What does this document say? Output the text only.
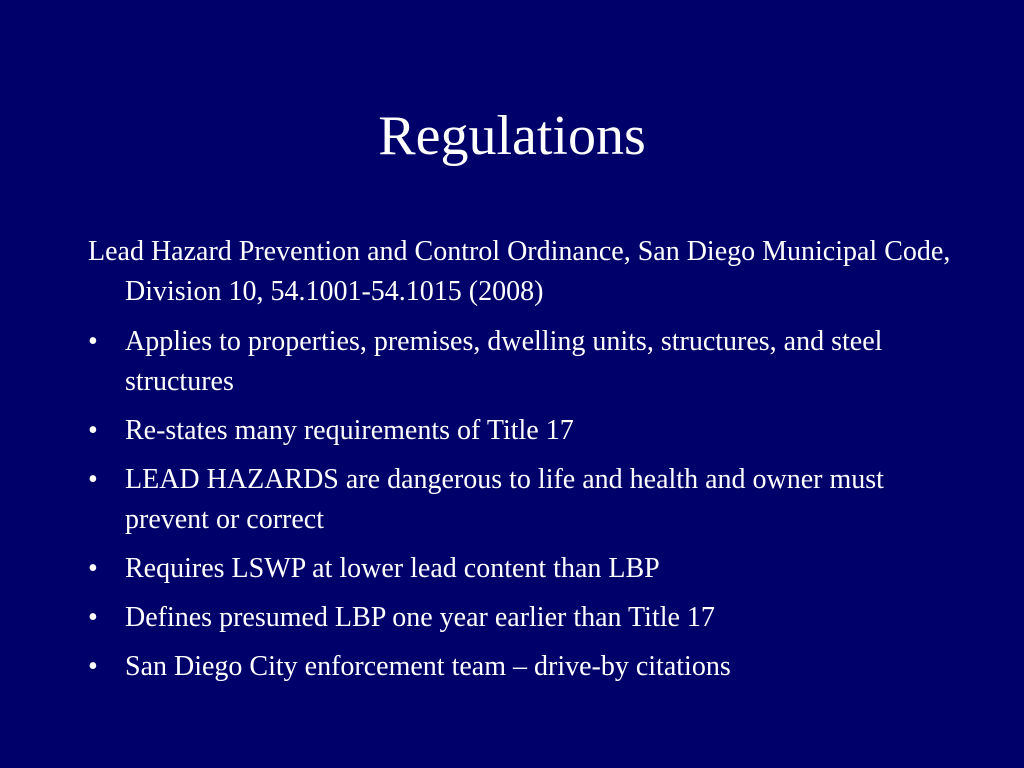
Regulations

Lead Hazard Prevention and Control Ordinance, San Diego Municipal Code, Division 10, 54.1001-54.1015 (2008)

• Applies to properties, premises, dwelling units, structures, and steel structures
• Re-states many requirements of Title 17
• LEAD HAZARDS are dangerous to life and health and owner must prevent or correct
• Requires LSWP at lower lead content than LBP
• Defines presumed LBP one year earlier than Title 17
• San Diego City enforcement team – drive-by citations
